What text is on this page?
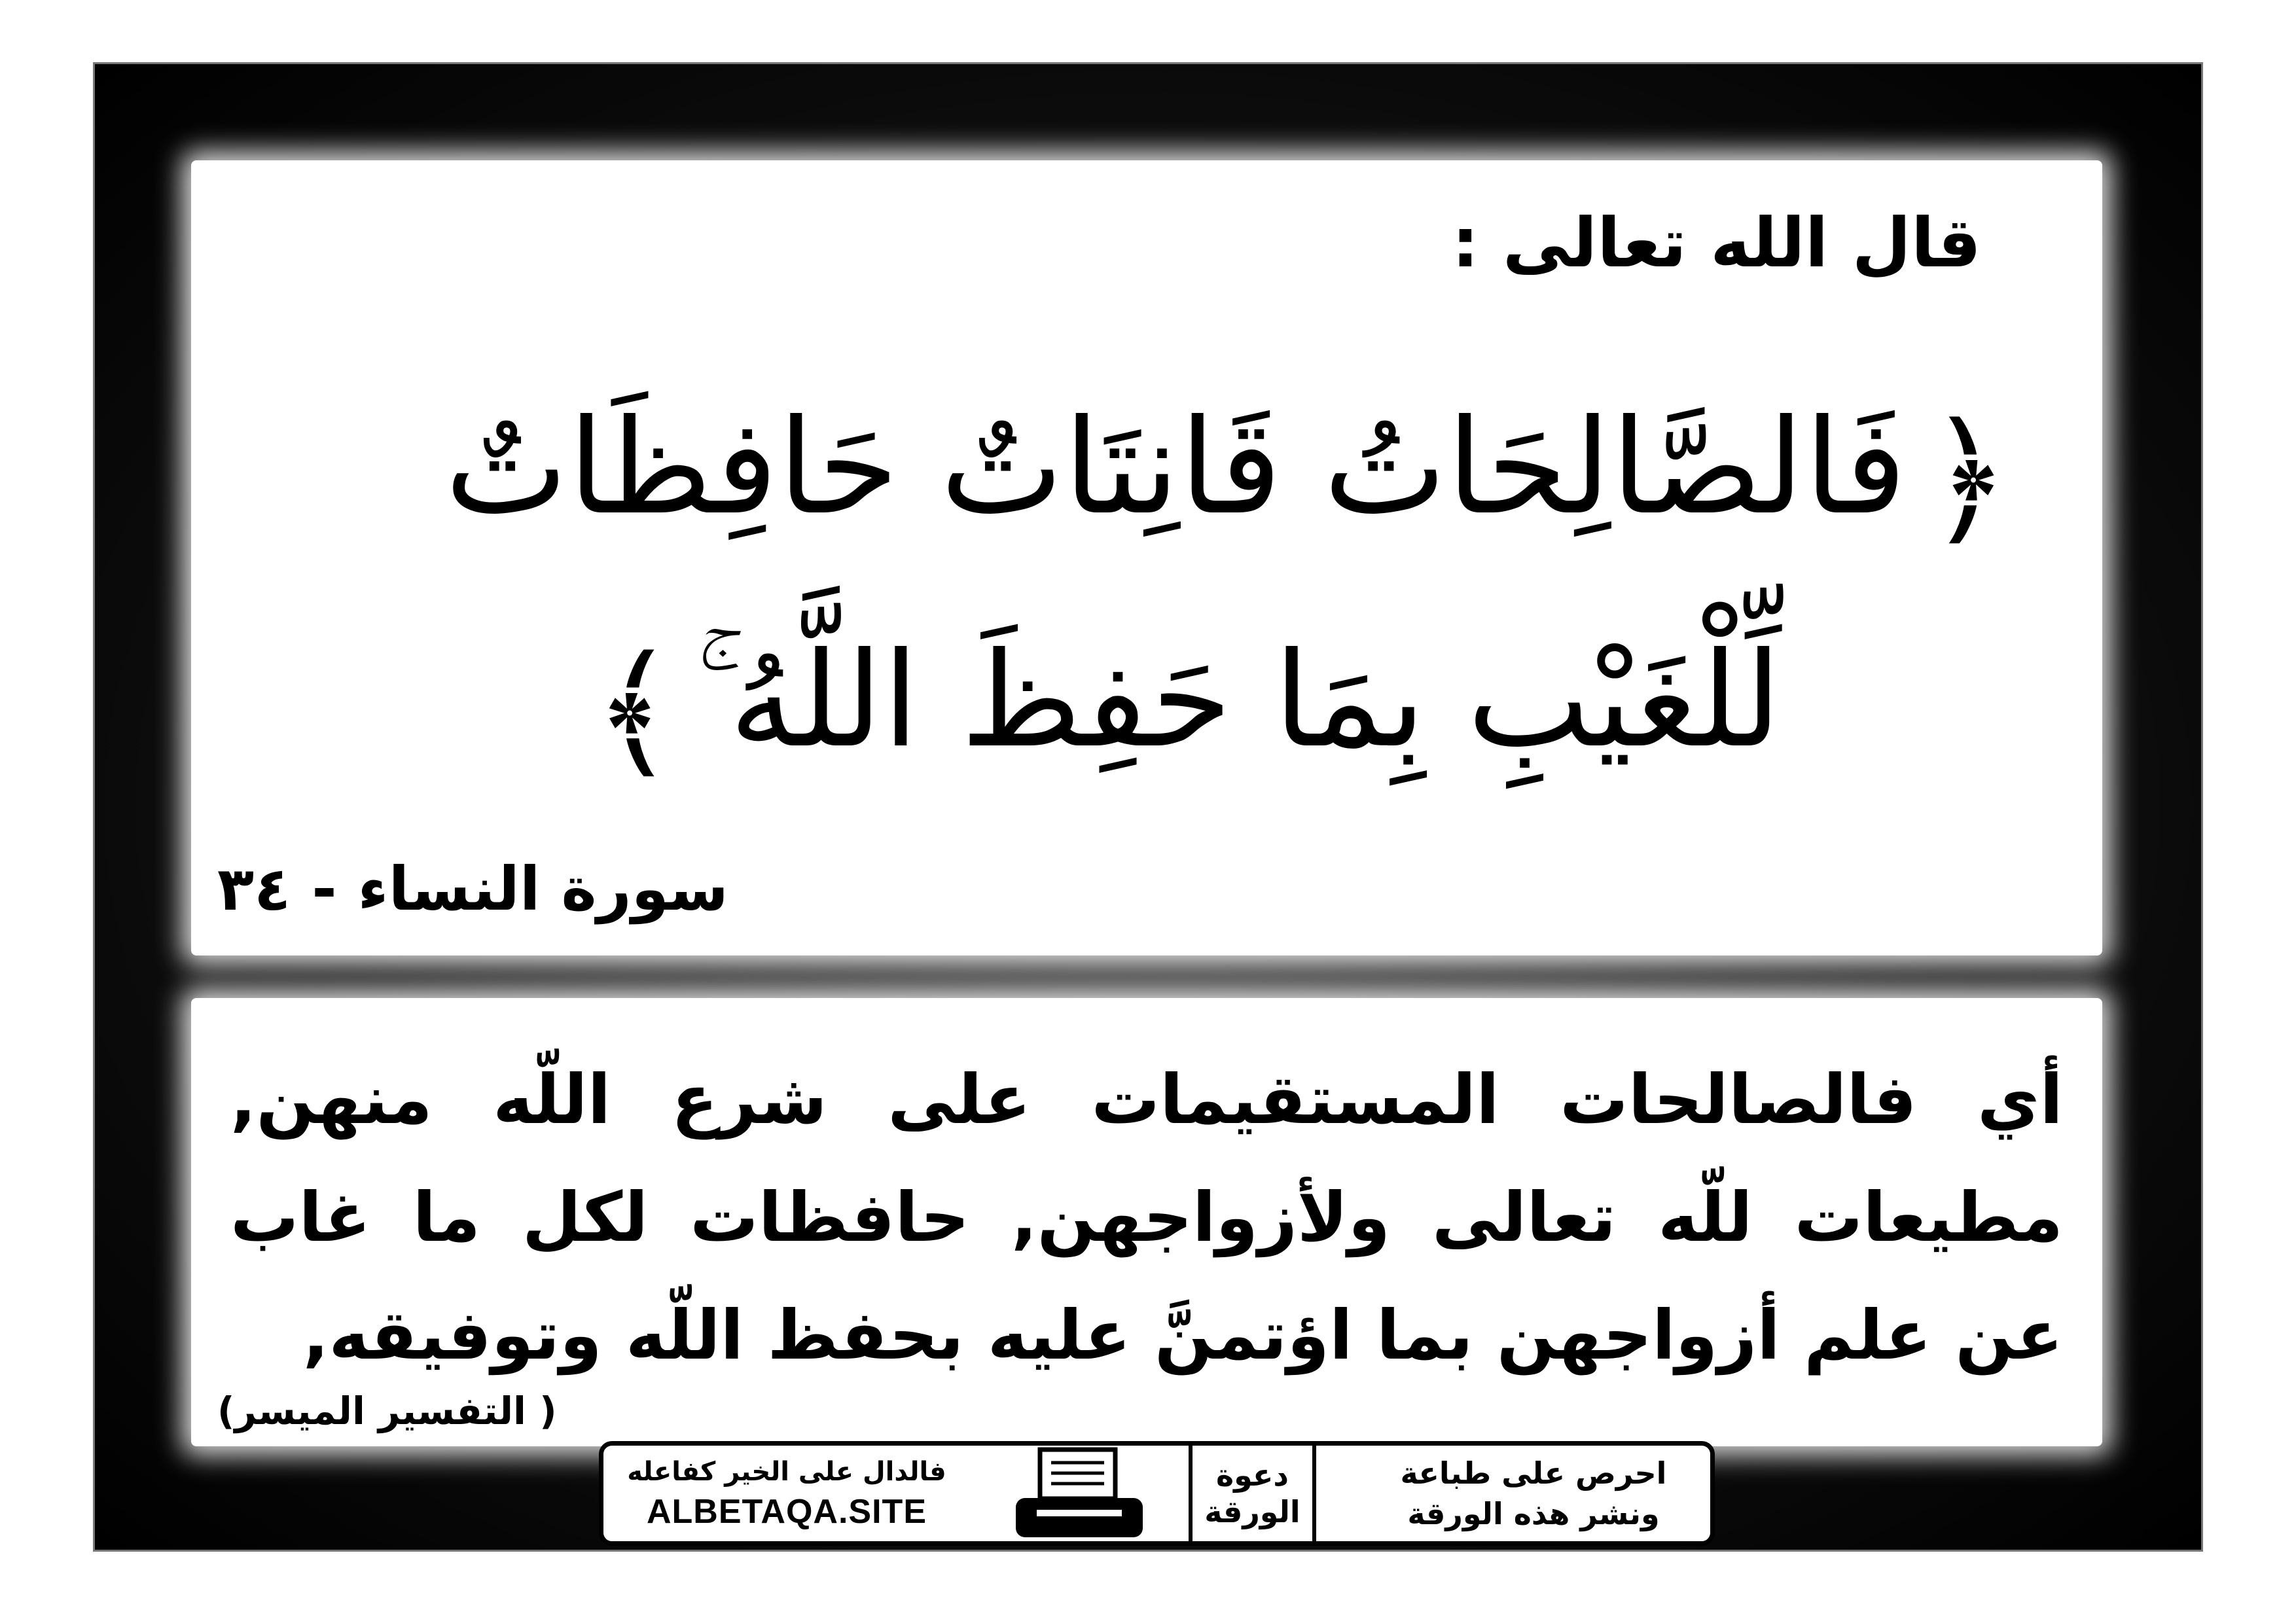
قال الله تعالى :
﴿فَالصَّالِحَاتُ قَانِتَاتٌ حَافِظَاتٌ
لِّلْغَيْبِ بِمَا حَفِظَ اللَّهُ ۚ﴾
سورة النساء - ٣٤
أي فالصالحات المستقيمات على شرع اللّه منهن, مطيعات للّه تعالى ولأزواجهن, حافظات لكل ما غاب عن علم أزواجهن بما اؤتمنَّ عليه بحفظ اللّه وتوفيقه,
( التفسير الميسر)
فالدال على الخير كفاعله
ALBETAQA.SITE
دعوة
الورقة
احرص على طباعة
ونشر هذه الورقة
